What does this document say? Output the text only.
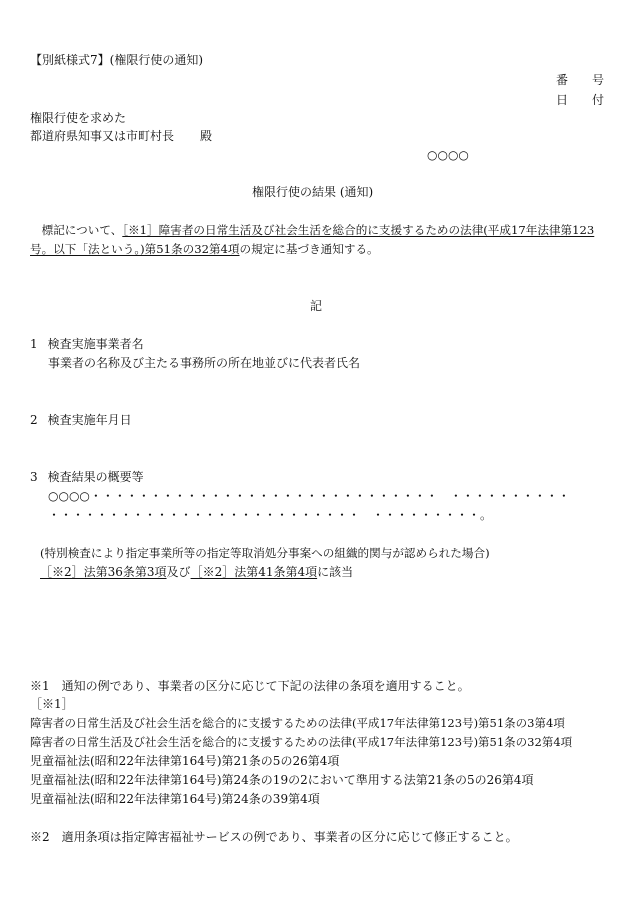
【別紙様式7】(権限行使の通知)
番　　号
日　　付
権限行使を求めた
都道府県知事又は市町村長 殿
○○○○
権限行使の結果 (通知)
　標記について、［※1］障害者の日常生活及び社会生活を総合的に支援するための法律(平成17年法律第123
号。以下「法という。)第51条の32第4項の規定に基づき通知する。
記
1 検査実施事業者名
事業者の名称及び主たる事務所の所在地並びに代表者氏名
2 検査実施年月日
3 検査結果の概要等
○○○○・・・・・・・・・・・・・・・・・・・・・・・・・・・・・　・・・・・・・・・・
・・・・・・・・・・・・・・・・・・・・・・・・・・　・・・・・・・・・。
(特別検査により指定事業所等の指定等取消処分事案への組織的関与が認められた場合)
［※2］法第36条第3項及び［※2］法第41条第4項に該当
※1　通知の例であり、事業者の区分に応じて下記の法律の条項を適用すること。
［※1］
障害者の日常生活及び社会生活を総合的に支援するための法律(平成17年法律第123号)第51条の3第4項
障害者の日常生活及び社会生活を総合的に支援するための法律(平成17年法律第123号)第51条の32第4項
児童福祉法(昭和22年法律第164号)第21条の5の26第4項
児童福祉法(昭和22年法律第164号)第24条の19の2において準用する法第21条の5の26第4項
児童福祉法(昭和22年法律第164号)第24条の39第4項
※2　適用条項は指定障害福祉サービスの例であり、事業者の区分に応じて修正すること。
